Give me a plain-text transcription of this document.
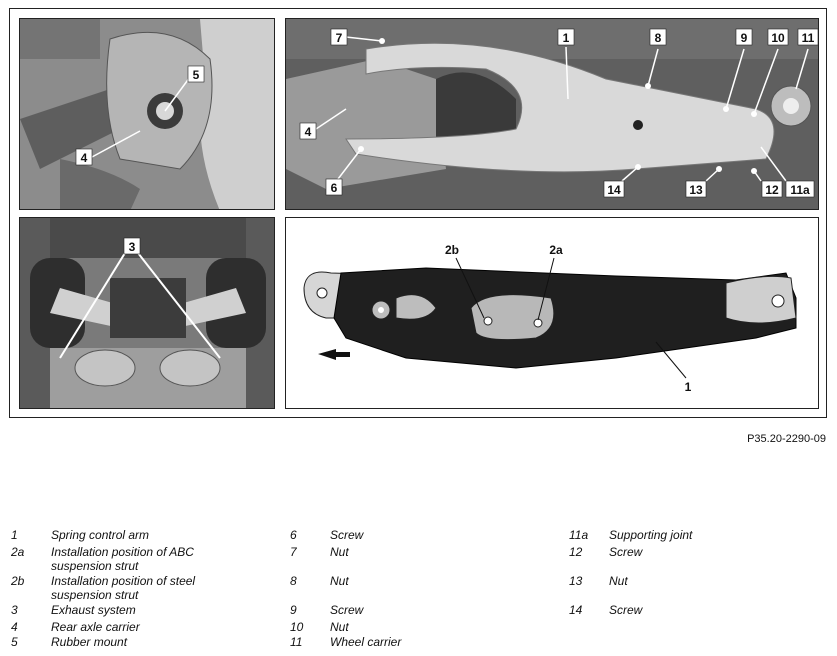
5
4
7	1	8	9 10 11
4
6	14	13	12 11a
3	2b	2a
1
P35.20-2290-09
1	Spring control arm
2a Installation position of ABC
suspension strut
2b Installation position of steel
suspension strut
3	Exhaust system
4	Rear axle carrier
5	Rubber mount
6	Screw
7	Nut
8	Nut
9	Screw
10 Nut
11 Wheel carrier
11a Supporting joint
12 Screw
13 Nut
14 Screw
